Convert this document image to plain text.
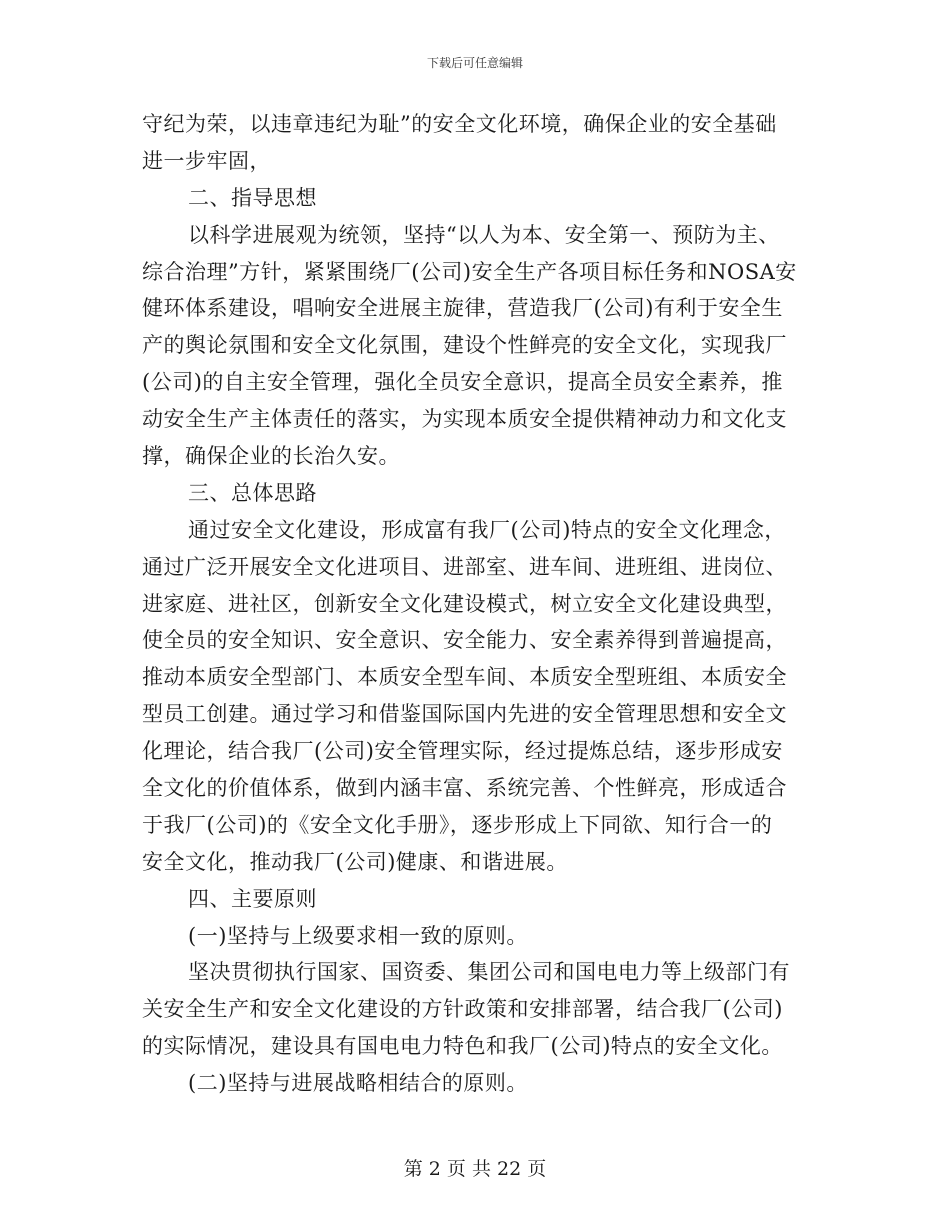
下载后可任意编辑
守纪为荣，以违章违纪为耻”的安全文化环境，确保企业的安全基础
进一步牢固，
二、指导思想
以科学进展观为统领，坚持“以人为本、安全第一、预防为主、
综合治理”方针，紧紧围绕厂(公司)安全生产各项目标任务和NOSA安
健环体系建设，唱响安全进展主旋律，营造我厂(公司)有利于安全生
产的舆论氛围和安全文化氛围，建设个性鲜亮的安全文化，实现我厂
(公司)的自主安全管理，强化全员安全意识，提高全员安全素养，推
动安全生产主体责任的落实，为实现本质安全提供精神动力和文化支
撑，确保企业的长治久安。
三、总体思路
通过安全文化建设，形成富有我厂(公司)特点的安全文化理念，
通过广泛开展安全文化进项目、进部室、进车间、进班组、进岗位、
进家庭、进社区，创新安全文化建设模式，树立安全文化建设典型，
使全员的安全知识、安全意识、安全能力、安全素养得到普遍提高，
推动本质安全型部门、本质安全型车间、本质安全型班组、本质安全
型员工创建。通过学习和借鉴国际国内先进的安全管理思想和安全文
化理论，结合我厂(公司)安全管理实际，经过提炼总结，逐步形成安
全文化的价值体系，做到内涵丰富、系统完善、个性鲜亮，形成适合
于我厂(公司)的《安全文化手册》，逐步形成上下同欲、知行合一的
安全文化，推动我厂(公司)健康、和谐进展。
四、主要原则
(一)坚持与上级要求相一致的原则。
坚决贯彻执行国家、国资委、集团公司和国电电力等上级部门有
关安全生产和安全文化建设的方针政策和安排部署，结合我厂(公司)
的实际情况，建设具有国电电力特色和我厂(公司)特点的安全文化。
(二)坚持与进展战略相结合的原则。
第 2 页 共 22 页
